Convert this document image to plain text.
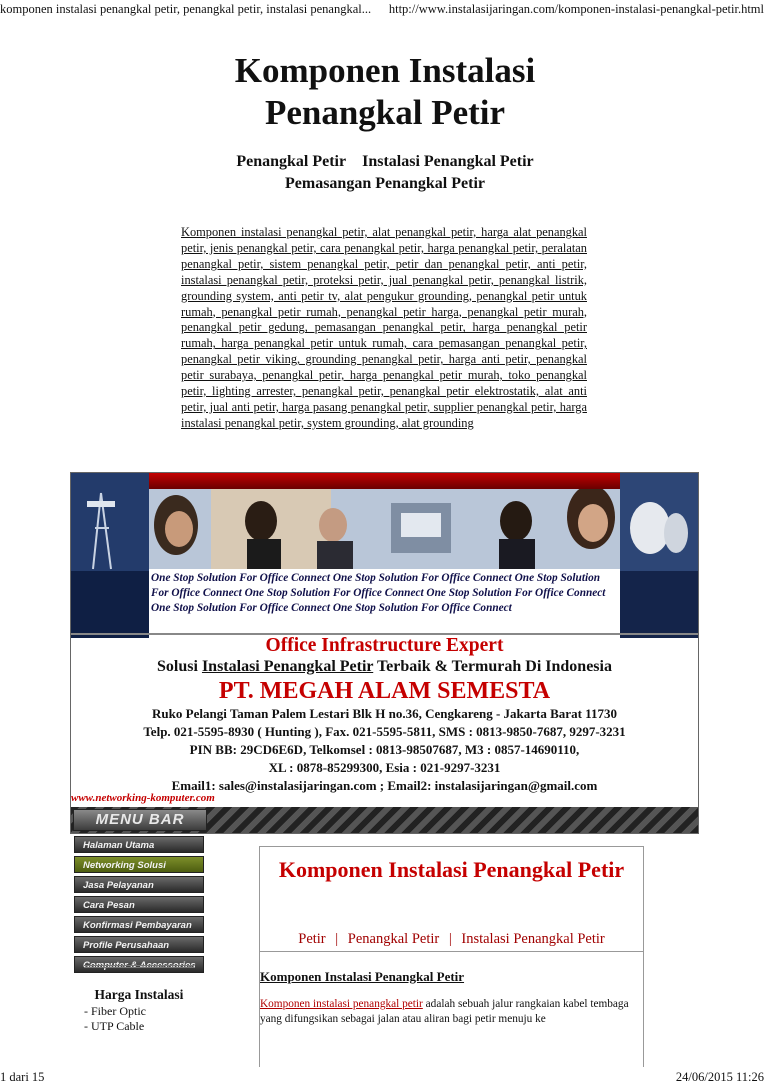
komponen instalasi penangkal petir, penangkal petir, instalasi penangkal... http://www.instalasijaringan.com/komponen-instalasi-penangkal-petir.html
Komponen Instalasi
Penangkal Petir
Penangkal Petir Instalasi Penangkal Petir
Pemasangan Penangkal Petir
Komponen instalasi penangkal petir, alat penangkal petir, harga alat penangkal petir, jenis penangkal petir, cara penangkal petir, harga penangkal petir, peralatan penangkal petir, sistem penangkal petir, petir dan penangkal petir, anti petir, instalasi penangkal petir, proteksi petir, jual penangkal petir, penangkal listrik, grounding system, anti petir tv, alat pengukur grounding, penangkal petir untuk rumah, penangkal petir rumah, penangkal petir harga, penangkal petir murah, penangkal petir gedung, pemasangan penangkal petir, harga penangkal petir rumah, harga penangkal petir untuk rumah, cara pemasangan penangkal petir, penangkal petir viking, grounding penangkal petir, harga anti petir, penangkal petir surabaya, penangkal petir, harga penangkal petir murah, toko penangkal petir, lighting arrester, penangkal petir, penangkal petir elektrostatik, alat anti petir, jual anti petir, harga pasang penangkal petir, supplier penangkal petir, harga instalasi penangkal petir, system grounding, alat grounding
One Stop Solution For Office Connect One Stop Solution For Office Connect One Stop Solution For Office Connect One Stop Solution For Office Connect One Stop Solution For Office Connect One Stop Solution For Office Connect One Stop Solution For Office Connect
Office Infrastructure Expert
Solusi Instalasi Penangkal Petir Terbaik & Termurah Di Indonesia
PT. MEGAH ALAM SEMESTA
Ruko Pelangi Taman Palem Lestari Blk H no.36, Cengkareng - Jakarta Barat 11730
Telp. 021-5595-8930 ( Hunting ), Fax. 021-5595-5811, SMS : 0813-9850-7687, 9297-3231
PIN BB: 29CD6E6D, Telkomsel : 0813-98507687, M3 : 0857-14690110,
XL : 0878-85299300, Esia : 021-9297-3231
Email1: sales@instalasijaringan.com ; Email2: instalasijaringan@gmail.com
www.networking-komputer.com
MENU BAR
Halaman Utama
Networking Solusi
Jasa Pelayanan
Cara Pesan
Konfirmasi Pembayaran
Profile Perusahaan
Computer & Accessories
Harga Instalasi
- Fiber Optic
- UTP Cable
Komponen Instalasi Penangkal Petir
Petir | Penangkal Petir | Instalasi Penangkal Petir
Komponen Instalasi Penangkal Petir
Komponen instalasi penangkal petir adalah sebuah jalur rangkaian kabel tembaga yang difungsikan sebagai jalan atau aliran bagi petir menuju ke
1 dari 15	24/06/2015 11:26
